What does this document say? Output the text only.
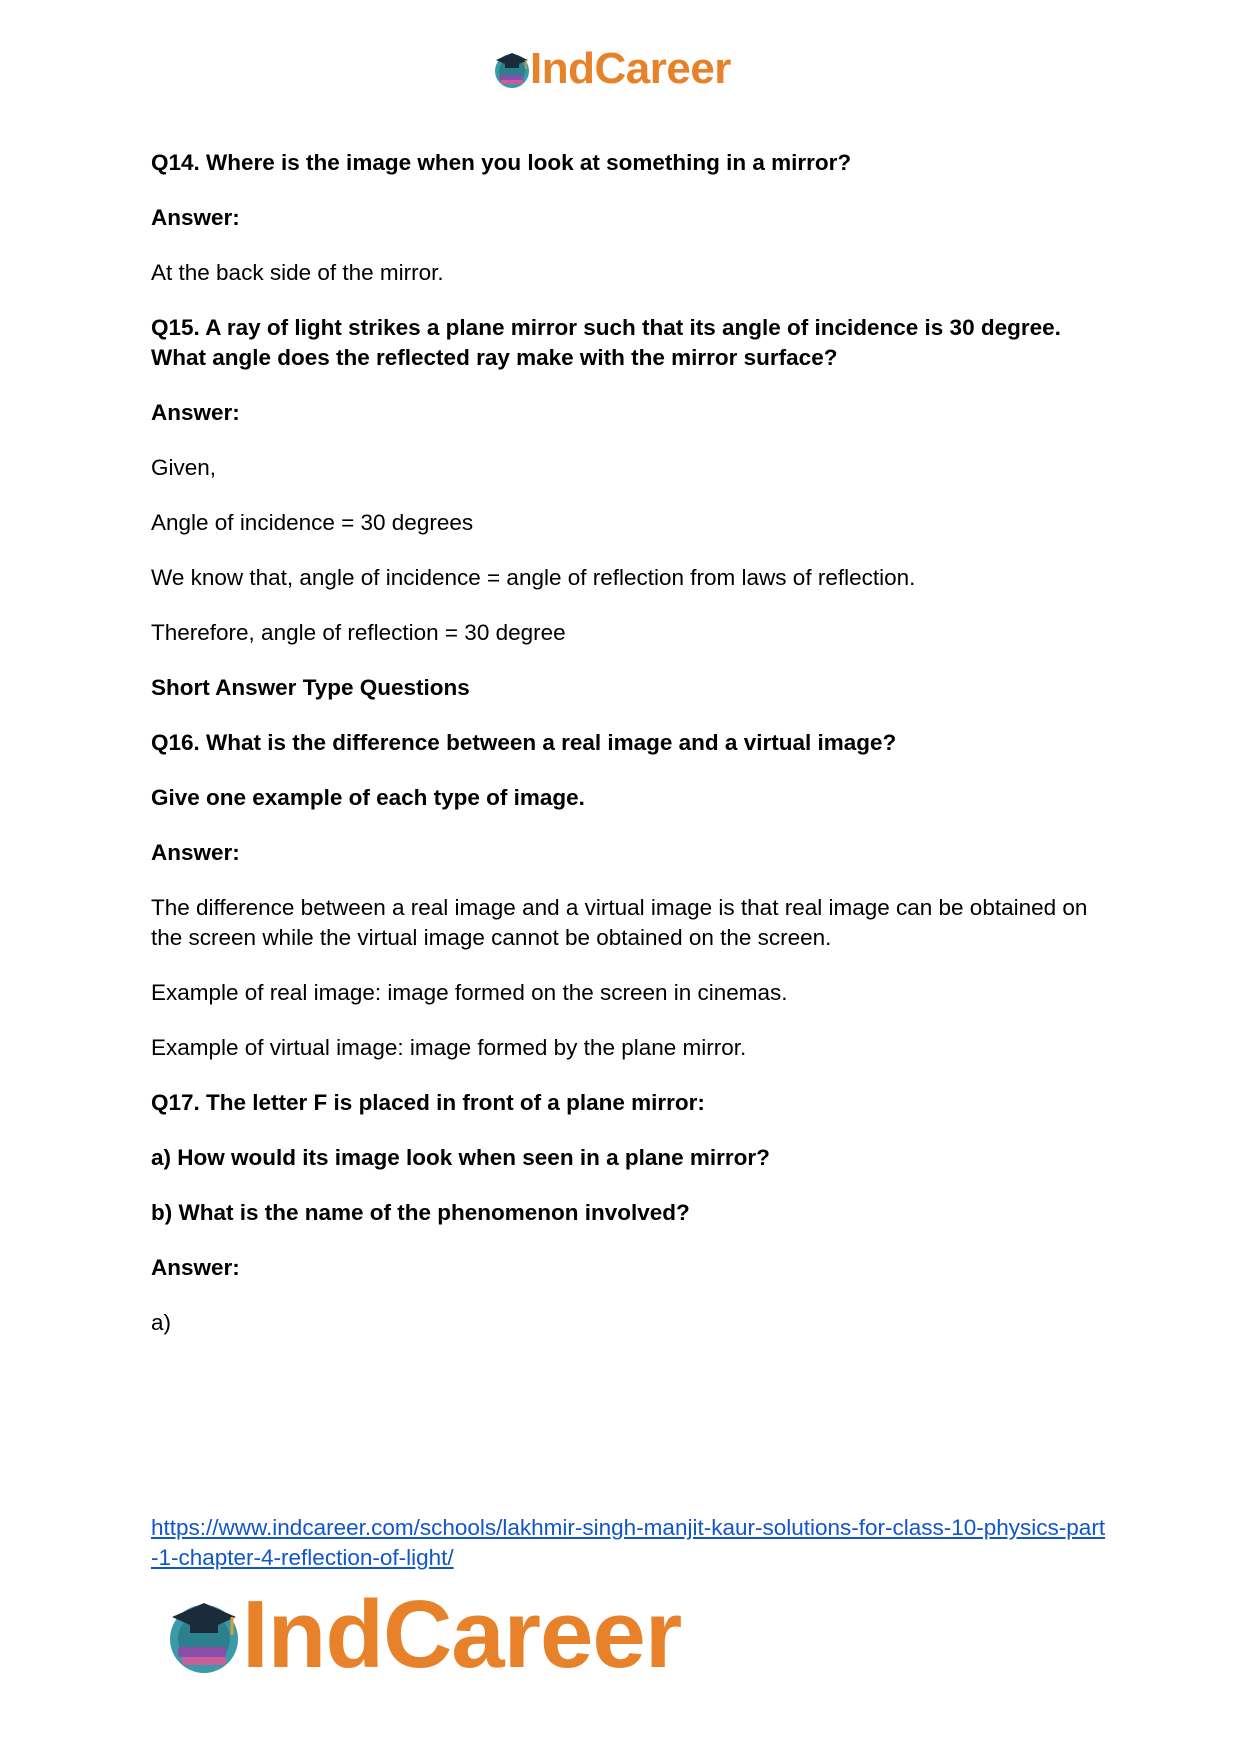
IndCareer

Q14. Where is the image when you look at something in a mirror?

Answer:

At the back side of the mirror.

Q15. A ray of light strikes a plane mirror such that its angle of incidence is 30 degree. What angle does the reflected ray make with the mirror surface?

Answer:

Given,

Angle of incidence = 30 degrees

We know that, angle of incidence = angle of reflection from laws of reflection.

Therefore, angle of reflection = 30 degree

Short Answer Type Questions

Q16. What is the difference between a real image and a virtual image?

Give one example of each type of image.

Answer:

The difference between a real image and a virtual image is that real image can be obtained on the screen while the virtual image cannot be obtained on the screen.

Example of real image: image formed on the screen in cinemas.

Example of virtual image: image formed by the plane mirror.

Q17. The letter F is placed in front of a plane mirror:

a) How would its image look when seen in a plane mirror?

b) What is the name of the phenomenon involved?

Answer:

a)

https://www.indcareer.com/schools/lakhmir-singh-manjit-kaur-solutions-for-class-10-physics-part-1-chapter-4-reflection-of-light/
IndCareer
